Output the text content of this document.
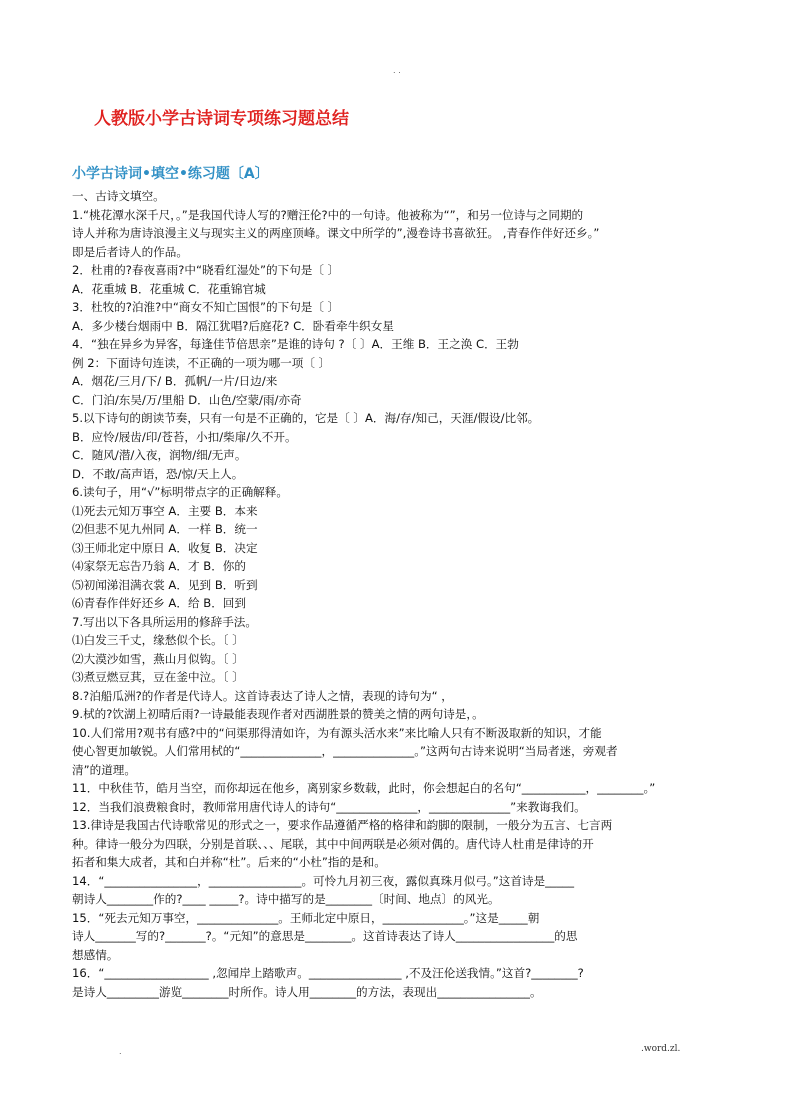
. .
人教版小学古诗词专项练习题总结
小学古诗词•填空•练习题〔A〕
一、古诗文填空。
1.“桃花潭水深千尺，。”是我国代诗人写的?赠汪伦?中的一句诗。他被称为“”，和另一位诗与之同期的
诗人并称为唐诗浪漫主义与现实主义的两座顶峰。课文中所学的”,漫卷诗书喜欲狂。 ,青春作伴好还乡。”
即是后者诗人的作品。
2．杜甫的?春夜喜雨?中“晓看红湿处”的下句是〔 〕
A．花重城 B．花重城 C．花重锦官城
3．杜牧的?泊淮?中“商女不知亡国恨”的下句是〔 〕
A．多少楼台烟雨中 B．隔江犹唱?后庭花? C．卧看牵牛织女星
4．“独在异乡为异客，每逢佳节倍思亲”是谁的诗句 ?〔 〕A．王维 B．王之涣 C．王勃
例 2：下面诗句连读，不正确的一项为哪一项〔 〕
A．烟花/三月/下/ B．孤帆/一片/日边/来
C．门泊/东吴/万/里船 D．山色/空蒙/雨/亦奇
5.以下诗句的朗读节奏，只有一句是不正确的，它是〔 〕A．海/存/知己，天涯/假设/比邻。
B．应怜/屐齿/印/苍苔，小扣/柴扉/久不开。
C．随风/潜/入夜，润物/细/无声。
D．不敢/高声语，恐/惊/天上人。
6.读句子，用“√”标明带点字的正确解释。
⑴死去元知万事空 A．主要 B．本来
⑵但悲不见九州同 A．一样 B．统一
⑶王师北定中原日 A．收复 B．决定
⑷家祭无忘告乃翁 A．才 B．你的
⑸初闻涕泪满衣裳 A．见到 B．听到
⑹青春作伴好还乡 A．给 B．回到
7.写出以下各具所运用的修辞手法。
⑴白发三千丈，缘愁似个长。〔 〕
⑵大漠沙如雪，燕山月似钩。〔 〕
⑶煮豆燃豆萁，豆在釜中泣。〔 〕
8.?泊船瓜洲?的作者是代诗人。这首诗表达了诗人之情，表现的诗句为“ ，
9.栻的?饮湖上初晴后雨?一诗最能表现作者对西湖胜景的赞美之情的两句诗是，。
10.人们常用?观书有感?中的“问渠那得清如许，为有源头活水来”来比喻人只有不断汲取新的知识，才能
使心智更加敏锐。人们常用栻的“______________，______________。”这两句古诗来说明“当局者迷，旁观者
清”的道理。
11．中秋佳节，皓月当空，而你却远在他乡，离别家乡数载，此时，你会想起白的名句“___________，________。”
12．当我们浪费粮食时，教师常用唐代诗人的诗句“______________，______________”来教诲我们。
13.律诗是我国古代诗歌常见的形式之一，要求作品遵循严格的格律和韵脚的限制，一般分为五言、七言两
种。律诗一般分为四联，分别是首联、、、尾联，其中中间两联是必须对偶的。唐代诗人杜甫是律诗的开
拓者和集大成者，其和白并称“杜”。后来的“小杜”指的是和。
14．“________________，________________。可怜九月初三夜，露似真珠月似弓。”这首诗是_____
朝诗人________作的?____ _____?。诗中描写的是________〔时间、地点〕的风光。
15．“死去元知万事空，______________。王师北定中原日，______________。”这是_____朝
诗人_______写的?_______?。“元知”的意思是________。这首诗表达了诗人_________________的思
想感情。
16．“__________________ ,忽闻岸上踏歌声。________________ ,不及汪伦送我情。”这首?________?
是诗人_________游览________时所作。诗人用________的方法，表现出________________。
.	.word.zl.
